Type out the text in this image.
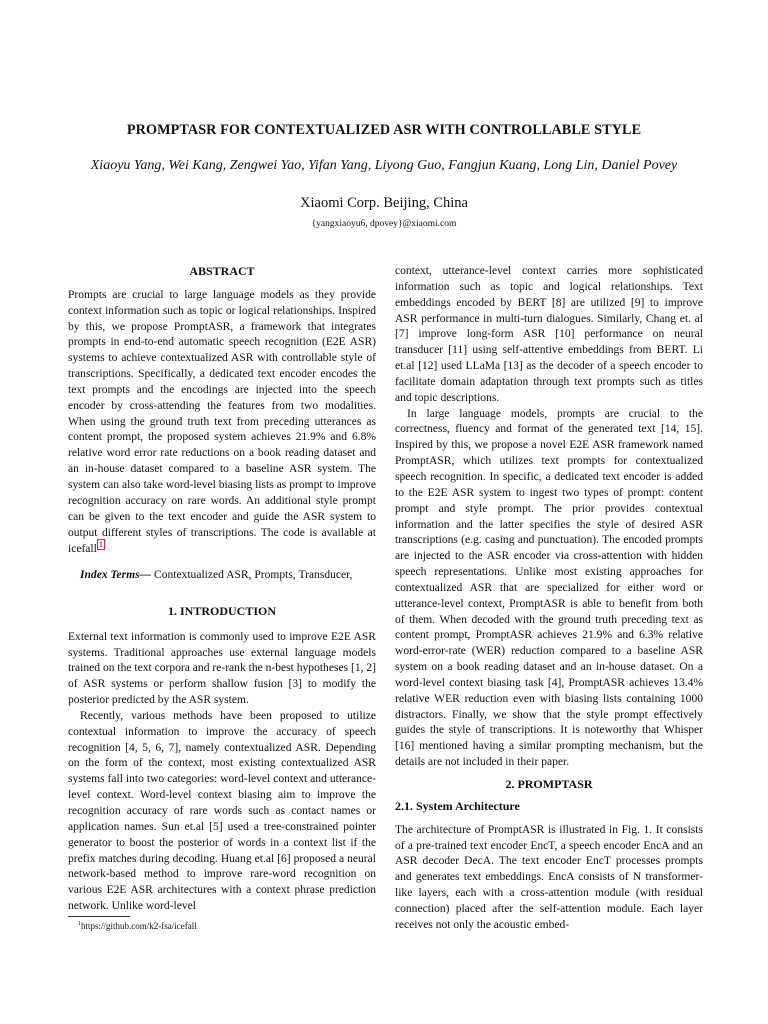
PROMPTASR FOR CONTEXTUALIZED ASR WITH CONTROLLABLE STYLE
Xiaoyu Yang, Wei Kang, Zengwei Yao, Yifan Yang, Liyong Guo, Fangjun Kuang, Long Lin, Daniel Povey
Xiaomi Corp. Beijing, China
{yangxiaoyu6, dpovey}@xiaomi.com
ABSTRACT

Prompts are crucial to large language models as they provide context information such as topic or logical relationships. Inspired by this, we propose PromptASR, a framework that integrates prompts in end-to-end automatic speech recognition (E2E ASR) systems to achieve contextualized ASR with controllable style of transcriptions. Specifically, a dedicated text encoder encodes the text prompts and the encodings are injected into the speech encoder by cross-attending the features from two modalities. When using the ground truth text from preceding utterances as content prompt, the proposed system achieves 21.9% and 6.8% relative word error rate reductions on a book reading dataset and an in-house dataset compared to a baseline ASR system. The system can also take word-level biasing lists as prompt to improve recognition accuracy on rare words. An additional style prompt can be given to the text encoder and guide the ASR system to output different styles of transcriptions. The code is available at icefall $^1$

Index Terms— Contextualized ASR, Prompts, Transducer,

1. INTRODUCTION

External text information is commonly used to improve E2E ASR systems. Traditional approaches use external language models trained on the text corpora and re-rank the n-best hypotheses [1, 2] of ASR systems or perform shallow fusion [3] to modify the posterior predicted by the ASR system.

Recently, various methods have been proposed to utilize contextual information to improve the accuracy of speech recognition [4, 5, 6, 7], namely contextualized ASR. Depending on the form of the context, most existing contextualized ASR systems fall into two categories: word-level context and utterance-level context. Word-level context biasing aim to improve the recognition accuracy of rare words such as contact names or application names. Sun et.al [5] used a tree-constrained pointer generator to boost the posterior of words in a context list if the prefix matches during decoding. Huang et.al [6] proposed a neural network-based method to improve rare-word recognition on various E2E ASR architectures with a context phrase prediction network. Unlike word-level

context, utterance-level context carries more sophisticated information such as topic and logical relationships. Text embeddings encoded by BERT [8] are utilized [9] to improve ASR performance in multi-turn dialogues. Similarly, Chang et. al [7] improve long-form ASR [10] performance on neural transducer [11] using self-attentive embeddings from BERT. Li et.al [12] used LLaMa [13] as the decoder of a speech encoder to facilitate domain adaptation through text prompts such as titles and topic descriptions.

In large language models, prompts are crucial to the correctness, fluency and format of the generated text [14, 15]. Inspired by this, we propose a novel E2E ASR framework named PromptASR, which utilizes text prompts for contextualized speech recognition. In specific, a dedicated text encoder is added to the E2E ASR system to ingest two types of prompt: content prompt and style prompt. The prior provides contextual information and the latter specifies the style of desired ASR transcriptions (e.g. casing and punctuation). The encoded prompts are injected to the ASR encoder via cross-attention with hidden speech representations. Unlike most existing approaches for contextualized ASR that are specialized for either word or utterance-level context, PromptASR is able to benefit from both of them. When decoded with the ground truth preceding text as content prompt, PromptASR achieves 21.9% and 6.3% relative word-error-rate (WER) reduction compared to a baseline ASR system on a book reading dataset and an in-house dataset. On a word-level context biasing task [4], PromptASR achieves 13.4% relative WER reduction even with biasing lists containing 1000 distractors. Finally, we show that the style prompt effectively guides the style of transcriptions. It is noteworthy that Whisper [16] mentioned having a similar prompting mechanism, but the details are not included in their paper.

2. PROMPTASR
2.1. System Architecture

The architecture of PromptASR is illustrated in Fig. 1. It consists of a pre-trained text encoder EncT, a speech encoder EncA and an ASR decoder DecA. The text encoder EncT processes prompts and generates text embeddings. EncA consists of N transformer-like layers, each with a cross-attention module (with residual connection) placed after the self-attention module. Each layer receives not only the acoustic embed-

$^1$https://github.com/k2-fsa/icefall
